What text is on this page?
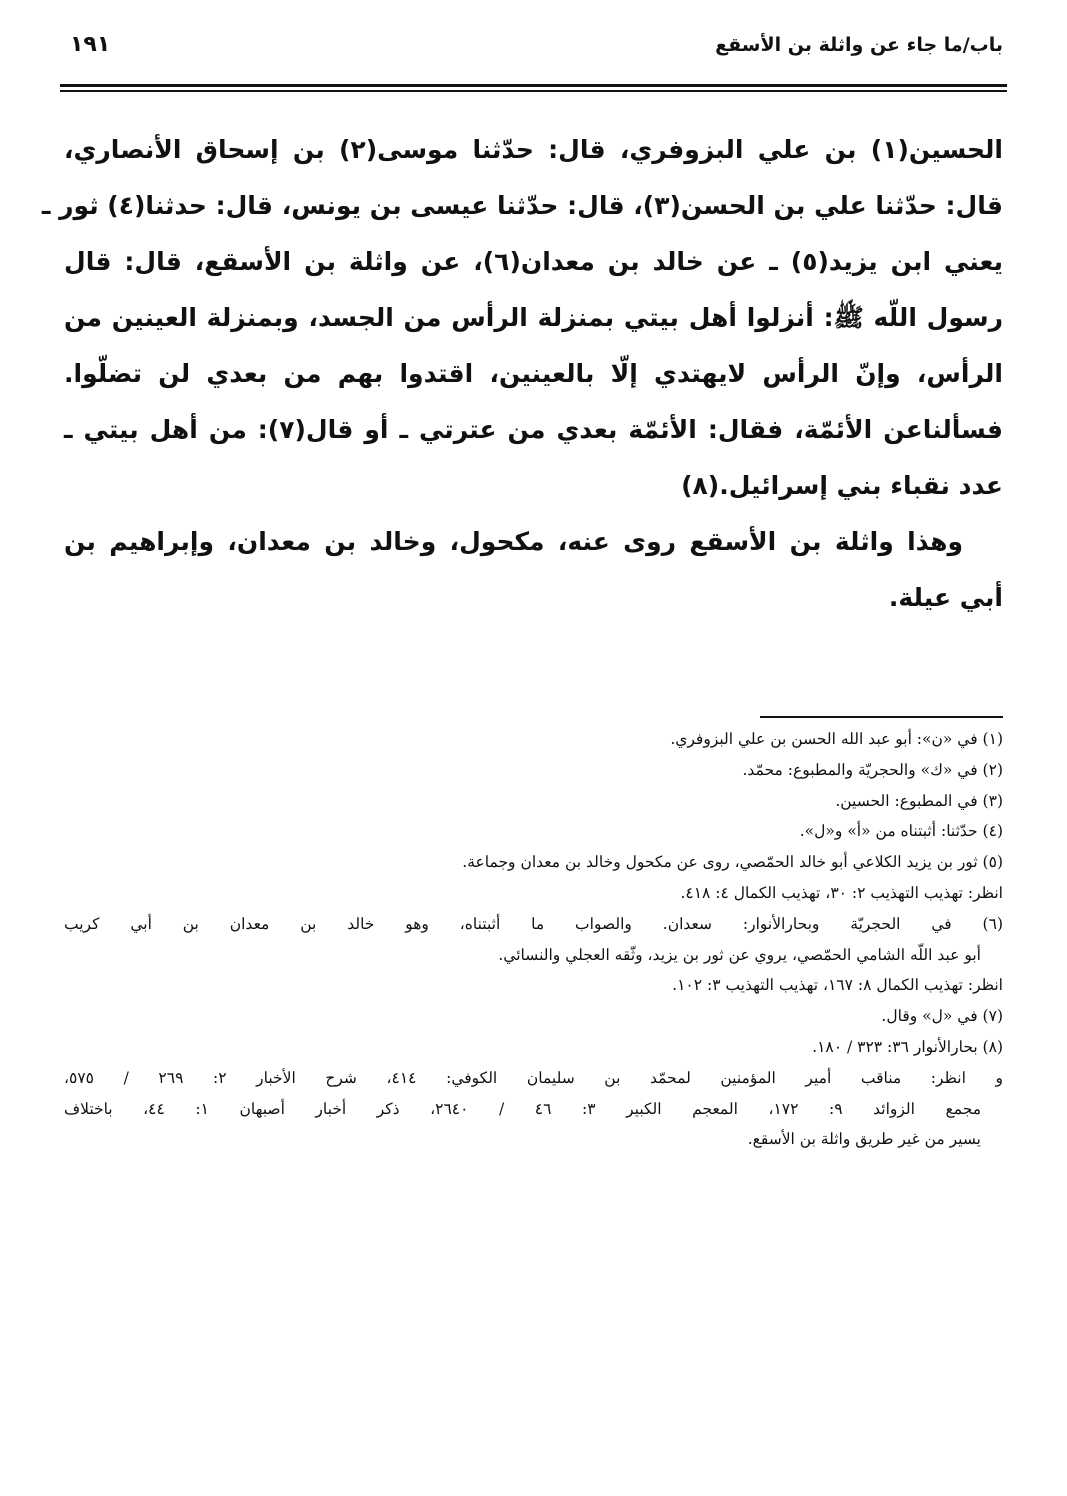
باب/ما جاء عن واثلة بن الأسقع
١٩١
الحسين(١) بن علي البزوفري، قال: حدّثنا موسى(٢) بن إسحاق الأنصاري،
قال: حدّثنا علي بن الحسن(٣)، قال: حدّثنا عيسى بن يونس، قال: حدثنا(٤) ثور ـ
يعني ابن يزيد(٥) ـ عن خالد بن معدان(٦)، عن واثلة بن الأسقع، قال: قال
رسول اللّه ﷺ: أنزلوا أهل بيتي بمنزلة الرأس من الجسد، وبمنزلة العينين من
الرأس، وإنّ الرأس لايهتدي إلّا بالعينين، اقتدوا بهم من بعدي لن تضلّوا.
فسألناعن الأئمّة، فقال: الأئمّة بعدي من عترتي ـ أو قال(٧): من أهل بيتي ـ
عدد نقباء بني إسرائيل.(٨)
وهذا واثلة بن الأسقع روى عنه، مكحول، وخالد بن معدان، وإبراهيم بن
أبي عيلة.
(١) في «ن»: أبو عبد الله الحسن بن علي البزوفري.
(٢) في «ك» والحجريّة والمطبوع: محمّد.
(٣) في المطبوع: الحسين.
(٤) حدّثنا: أثبتناه من «أ» و«ل».
(٥) ثور بن يزيد الكلاعي أبو خالد الحمّصي، روى عن مكحول وخالد بن معدان وجماعة.
انظر: تهذيب التهذيب ٢: ٣٠، تهذيب الكمال ٤: ٤١٨.
(٦) في الحجريّة وبحارالأنوار: سعدان. والصواب ما أثبتناه، وهو خالد بن معدان بن أبي كريب
أبو عبد اللّه الشامي الحمّصي، يروي عن ثور بن يزيد، وثّقه العجلي والنسائي.
انظر: تهذيب الكمال ٨: ١٦٧، تهذيب التهذيب ٣: ١٠٢.
(٧) في «ل» وقال.
(٨) بحارالأنوار ٣٦: ٣٢٣ / ١٨٠.
و انظر: مناقب أمير المؤمنين لمحمّد بن سليمان الكوفي: ٤١٤، شرح الأخبار ٢: ٢٦٩ / ٥٧٥،
مجمع الزوائد ٩: ١٧٢، المعجم الكبير ٣: ٤٦ / ٢٦٤٠، ذكر أخبار أصبهان ١: ٤٤، باختلاف
يسير من غير طريق واثلة بن الأسقع.
